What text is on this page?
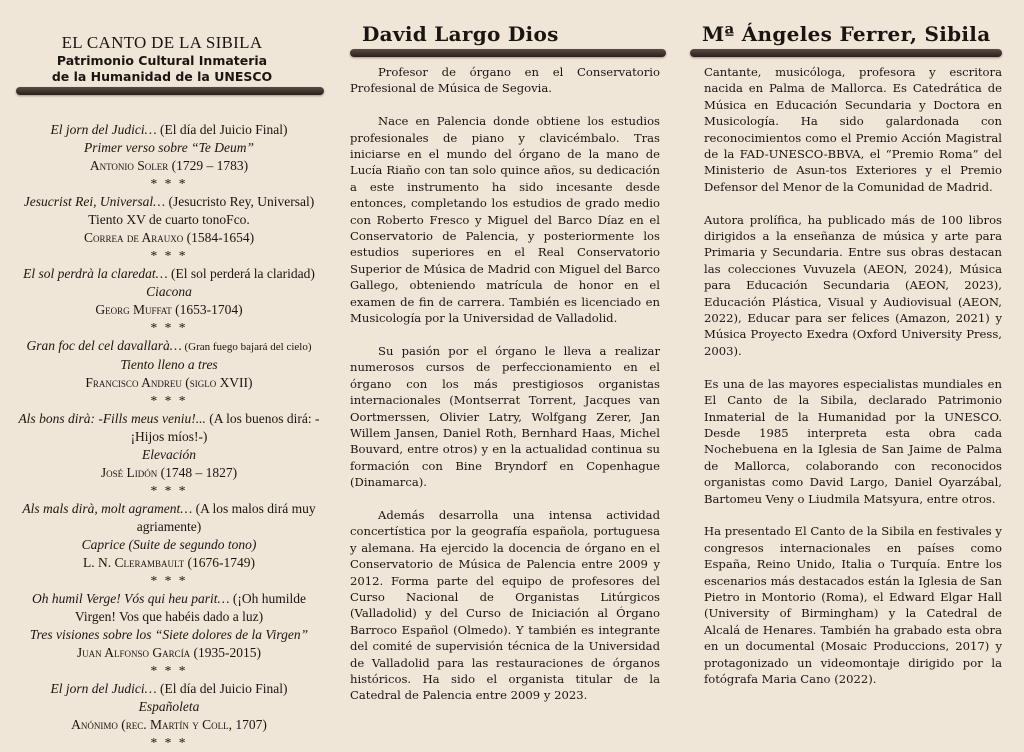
EL CANTO DE LA SIBILA
Patrimonio Cultural Inmateria
de la Humanidad de la UNESCO
El jorn del Judici… (El día del Juicio Final)
Primer verso sobre “Te Deum”
Antonio Soler (1729 – 1783)
* * *
Jesucrist Rei, Universal… (Jesucristo Rey, Universal)
Tiento XV de cuarto tonoFco.
Correa de Arauxo (1584-1654)
* * *
El sol perdrà la claredat… (El sol perderá la claridad)
Ciacona
Georg Muffat (1653-1704)
* * *
Gran foc del cel davallarà… (Gran fuego bajará del cielo)
Tiento lleno a tres
Francisco Andreu (siglo XVII)
* * *
Als bons dirà: -Fills meus veniu!... (A los buenos dirá: -¡Hijos míos!-)
Elevación
José Lidón (1748 – 1827)
* * *
Als mals dirà, molt agrament… (A los malos dirá muy agriamente)
Caprice (Suite de segundo tono)
L. N. Clerambault (1676-1749)
* * *
Oh humil Verge! Vós qui heu parit… (¡Oh humilde Virgen! Vos que habéis dado a luz)
Tres visiones sobre los “Siete dolores de la Virgen”
Juan Alfonso García (1935-2015)
* * *
El jorn del Judici… (El día del Juicio Final)
Españoleta
Anónimo (rec. Martín y Coll, 1707)
* * *
David Largo Dios

Profesor de órgano en el Conservatorio Profesional de Música de Segovia.

Nace en Palencia donde obtiene los estudios profesionales de piano y clavicémbalo. Tras iniciarse en el mundo del órgano de la mano de Lucía Riaño con tan solo quince años, su dedicación a este instrumento ha sido incesante desde entonces, completando los estudios de grado medio con Roberto Fresco y Miguel del Barco Díaz en el Conservatorio de Palencia, y posteriormente los estudios superiores en el Real Conservatorio Superior de Música de Madrid con Miguel del Barco Gallego, obteniendo matrícula de honor en el examen de fin de carrera. También es licenciado en Musicología por la Universidad de Valladolid.

Su pasión por el órgano le lleva a realizar numerosos cursos de perfeccionamiento en el órgano con los más prestigiosos organistas internacionales (Montserrat Torrent, Jacques van Oortmerssen, Olivier Latry, Wolfgang Zerer, Jan Willem Jansen, Daniel Roth, Bernhard Haas, Michel Bouvard, entre otros) y en la actualidad continua su formación con Bine Bryndorf en Copenhague (Dinamarca).

Además desarrolla una intensa actividad concertística por la geografía española, portuguesa y alemana. Ha ejercido la docencia de órgano en el Conservatorio de Música de Palencia entre 2009 y 2012. Forma parte del equipo de profesores del Curso Nacional de Organistas Litúrgicos (Valladolid) y del Curso de Iniciación al Órgano Barroco Español (Olmedo). Y también es integrante del comité de supervisión técnica de la Universidad de Valladolid para las restauraciones de órganos históricos. Ha sido el organista titular de la Catedral de Palencia entre 2009 y 2023.

Mª Ángeles Ferrer, Sibila

Cantante, musicóloga, profesora y escritora nacida en Palma de Mallorca. Es Catedrática de Música en Educación Secundaria y Doctora en Musicología. Ha sido galardonada con reconocimientos como el Premio Acción Magistral de la FAD-UNESCO-BBVA, el “Premio Roma” del Ministerio de Asun-tos Exteriores y el Premio Defensor del Menor de la Comunidad de Madrid.

Autora prolífica, ha publicado más de 100 libros dirigidos a la enseñanza de música y arte para Primaria y Secundaria. Entre sus obras destacan las colecciones Vuvuzela (AEON, 2024), Música para Educación Secundaria (AEON, 2023), Educación Plástica, Visual y Audiovisual (AEON, 2022), Educar para ser felices (Amazon, 2021) y Música Proyecto Exedra (Oxford University Press, 2003).

Es una de las mayores especialistas mundiales en El Canto de la Sibila, declarado Patrimonio Inmaterial de la Humanidad por la UNESCO. Desde 1985 interpreta esta obra cada Nochebuena en la Iglesia de San Jaime de Palma de Mallorca, colaborando con reconocidos organistas como David Largo, Daniel Oyarzábal, Bartomeu Veny o Liudmila Matsyura, entre otros.

Ha presentado El Canto de la Sibila en festivales y congresos internacionales en países como España, Reino Unido, Italia o Turquía. Entre los escenarios más destacados están la Iglesia de San Pietro in Montorio (Roma), el Edward Elgar Hall (University of Birmingham) y la Catedral de Alcalá de Henares. También ha grabado esta obra en un documental (Mosaic Produccions, 2017) y protagonizado un videomontaje dirigido por la fotógrafa Maria Cano (2022).
